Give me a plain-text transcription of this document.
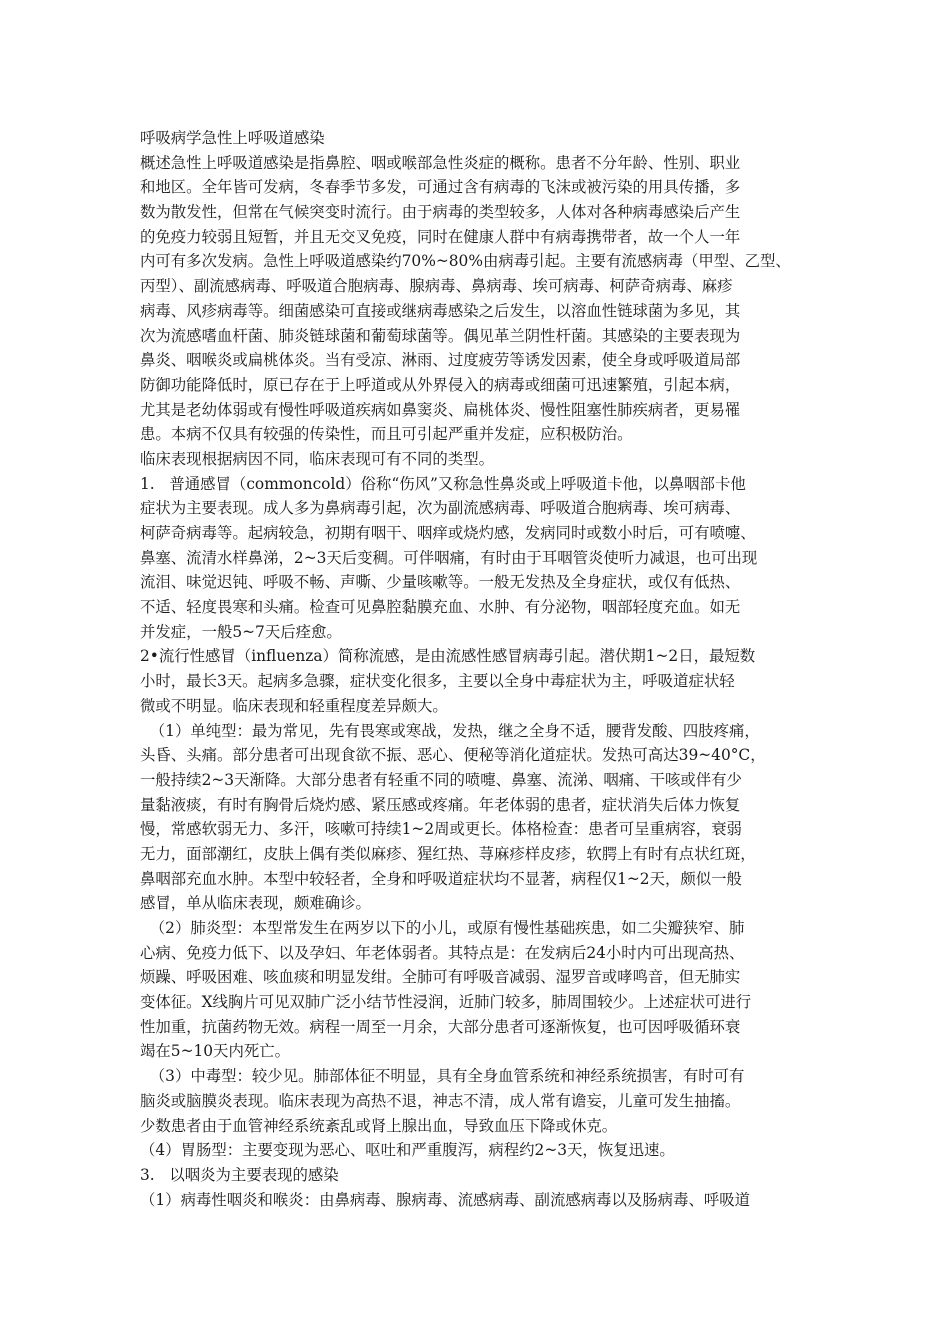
呼吸病学急性上呼吸道感染
概述急性上呼吸道感染是指鼻腔、咽或喉部急性炎症的概称。患者不分年龄、性别、职业
和地区。全年皆可发病，冬春季节多发，可通过含有病毒的飞沫或被污染的用具传播，多
数为散发性，但常在气候突变时流行。由于病毒的类型较多，人体对各种病毒感染后产生
的免疫力较弱且短暂，并且无交叉免疫，同时在健康人群中有病毒携带者，故一个人一年
内可有多次发病。急性上呼吸道感染约70%~80%由病毒引起。主要有流感病毒（甲型、乙型、
丙型）、副流感病毒、呼吸道合胞病毒、腺病毒、鼻病毒、埃可病毒、柯萨奇病毒、麻疹
病毒、风疹病毒等。细菌感染可直接或继病毒感染之后发生，以溶血性链球菌为多见，其
次为流感嗜血杆菌、肺炎链球菌和葡萄球菌等。偶见革兰阴性杆菌。其感染的主要表现为
鼻炎、咽喉炎或扁桃体炎。当有受凉、淋雨、过度疲劳等诱发因素，使全身或呼吸道局部
防御功能降低时，原已存在于上呼道或从外界侵入的病毒或细菌可迅速繁殖，引起本病，
尤其是老幼体弱或有慢性呼吸道疾病如鼻窦炎、扁桃体炎、慢性阻塞性肺疾病者，更易罹
患。本病不仅具有较强的传染性，而且可引起严重并发症，应积极防治。
临床表现根据病因不同，临床表现可有不同的类型。
1.   普通感冒（commoncold）俗称“伤风”又称急性鼻炎或上呼吸道卡他，以鼻咽部卡他
症状为主要表现。成人多为鼻病毒引起，次为副流感病毒、呼吸道合胞病毒、埃可病毒、
柯萨奇病毒等。起病较急，初期有咽干、咽痒或烧灼感，发病同时或数小时后，可有喷嚏、
鼻塞、流清水样鼻涕，2~3天后变稠。可伴咽痛，有时由于耳咽管炎使听力减退，也可出现
流泪、味觉迟钝、呼吸不畅、声嘶、少量咳嗽等。一般无发热及全身症状，或仅有低热、
不适、轻度畏寒和头痛。检查可见鼻腔黏膜充血、水肿、有分泌物，咽部轻度充血。如无
并发症，一般5~7天后痊愈。
2•流行性感冒（influenza）简称流感，是由流感性感冒病毒引起。潜伏期1~2日，最短数
小时，最长3天。起病多急骤，症状变化很多，主要以全身中毒症状为主，呼吸道症状轻
微或不明显。临床表现和轻重程度差异颇大。
（1）单纯型：最为常见，先有畏寒或寒战，发热，继之全身不适，腰背发酸、四肢疼痛，
头昏、头痛。部分患者可出现食欲不振、恶心、便秘等消化道症状。发热可高达39~40°C，
一般持续2~3天渐降。大部分患者有轻重不同的喷嚏、鼻塞、流涕、咽痛、干咳或伴有少
量黏液痰，有时有胸骨后烧灼感、紧压感或疼痛。年老体弱的患者，症状消失后体力恢复
慢，常感软弱无力、多汗，咳嗽可持续1~2周或更长。体格检查：患者可呈重病容，衰弱
无力，面部潮红，皮肤上偶有类似麻疹、猩红热、荨麻疹样皮疹，软腭上有时有点状红斑，
鼻咽部充血水肿。本型中较轻者，全身和呼吸道症状均不显著，病程仅1~2天，颇似一般
感冒，单从临床表现，颇难确诊。
（2）肺炎型：本型常发生在两岁以下的小儿，或原有慢性基础疾患，如二尖瓣狭窄、肺
心病、免疫力低下、以及孕妇、年老体弱者。其特点是：在发病后24小时内可出现高热、
烦躁、呼吸困难、咳血痰和明显发绀。全肺可有呼吸音减弱、湿罗音或哮鸣音，但无肺实
变体征。X线胸片可见双肺广泛小结节性浸润，近肺门较多，肺周围较少。上述症状可进行
性加重，抗菌药物无效。病程一周至一月余，大部分患者可逐渐恢复，也可因呼吸循环衰
竭在5~10天内死亡。
（3）中毒型：较少见。肺部体征不明显，具有全身血管系统和神经系统损害，有时可有
脑炎或脑膜炎表现。临床表现为高热不退，神志不清，成人常有谵妄，儿童可发生抽搐。
少数患者由于血管神经系统紊乱或肾上腺出血，导致血压下降或休克。
（4）胃肠型：主要变现为恶心、呕吐和严重腹泻，病程约2~3天，恢复迅速。
3.   以咽炎为主要表现的感染
（1）病毒性咽炎和喉炎：由鼻病毒、腺病毒、流感病毒、副流感病毒以及肠病毒、呼吸道
